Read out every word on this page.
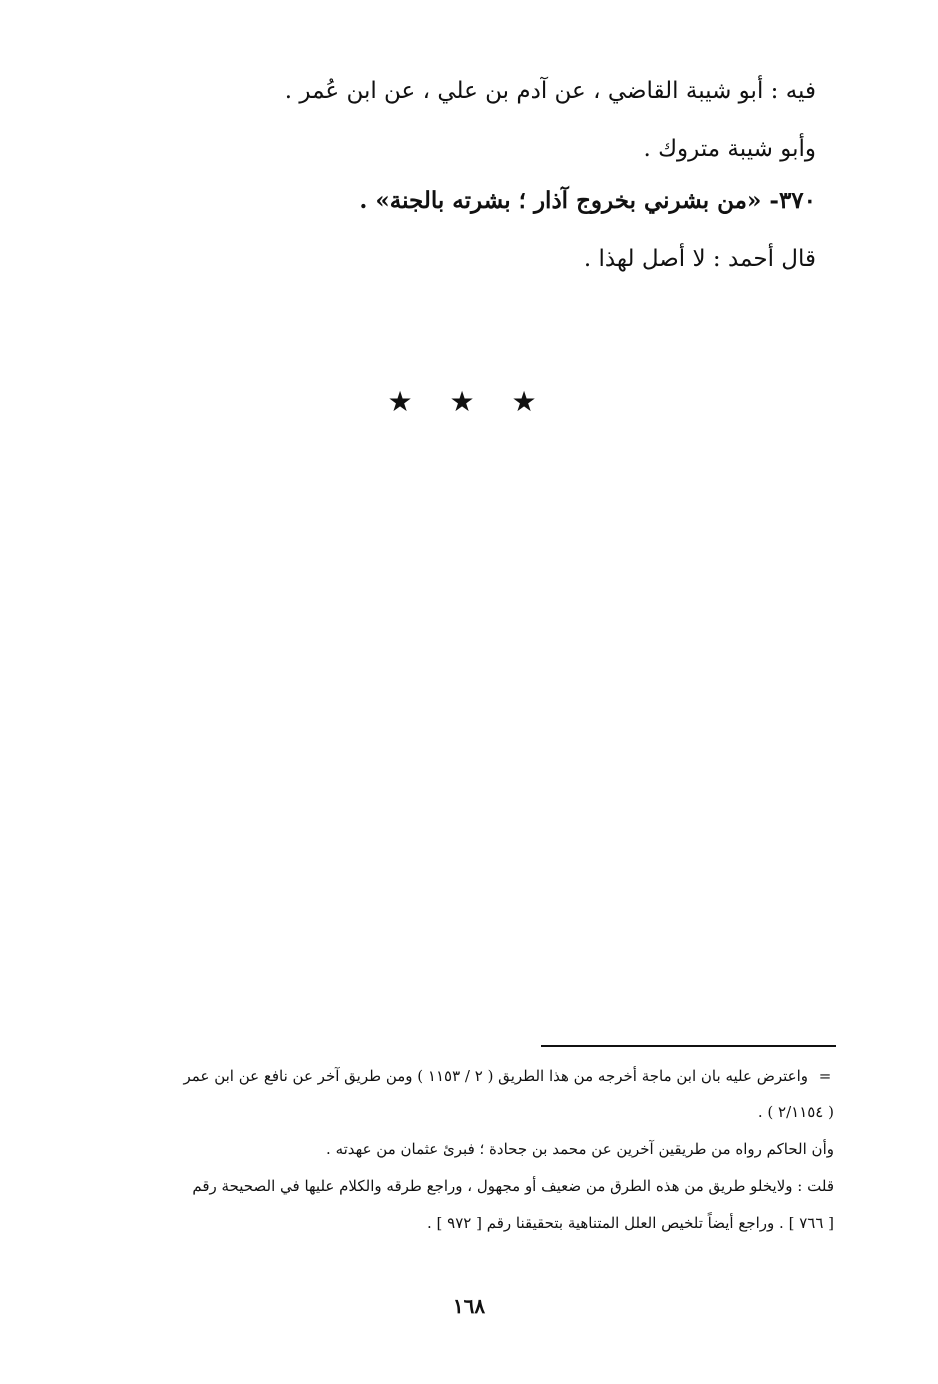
فيه : أبو شيبة القاضي ، عن آدم بن علي ، عن ابن عُمر .
وأبو شيبة متروك .
٣٧٠- «من بشرني بخروج آذار ؛ بشرته بالجنة» .
قال أحمد : لا أصل لهذا .
★ ★ ★
=
واعترض عليه بان ابن ماجة أخرجه من هذا الطريق ( ٢ / ١١٥٣ ) ومن طريق آخر عن نافع عن ابن عمر
( ٢/١١٥٤ ) .
وأن الحاكم رواه من طريقين آخرين عن محمد بن جحادة ؛ فبرئ عثمان من عهدته .
قلت : ولايخلو طريق من هذه الطرق من ضعيف أو مجهول ، وراجع طرقه والكلام عليها في الصحيحة رقم
[ ٧٦٦ ] . وراجع أيضاً تلخيص العلل المتناهية بتحقيقنا رقم [ ٩٧٢ ] .
١٦٨
